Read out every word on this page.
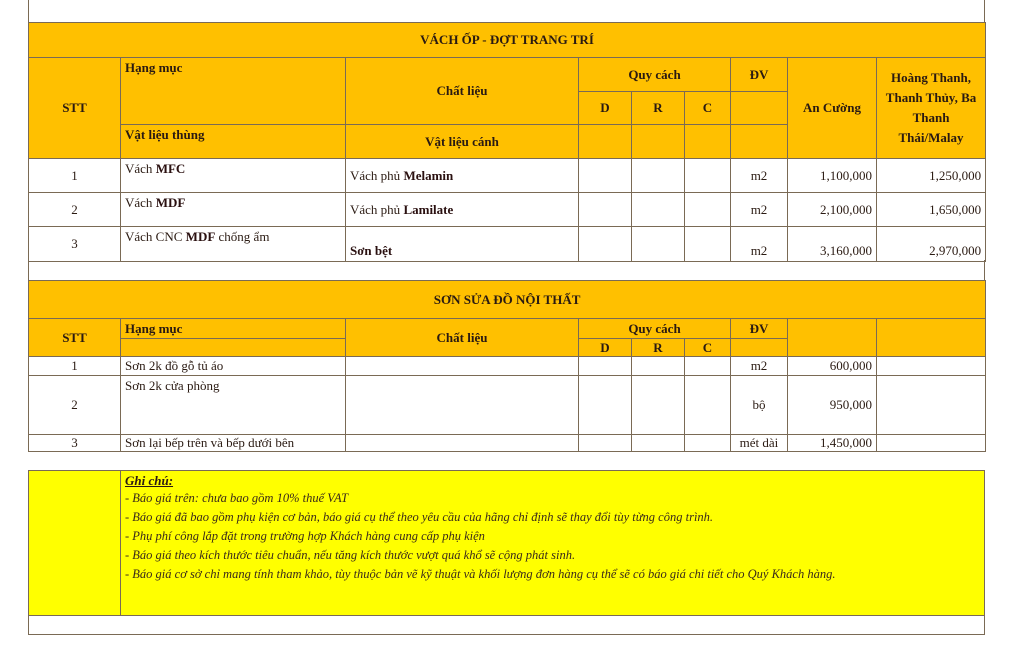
VÁCH ỐP - ĐỢT TRANG TRÍ								
STT	Hạng mục	Chất liệu	Quy cách			ĐV	An Cường	Hoàng Thanh, Thanh Thủy, Ba Thanh Thái/Malay
			D	R	C			
	Vật liệu thùng	Vật liệu cánh						
1	Vách MFC	Vách phủ Melamin				m2	1,100,000	1,250,000
2	Vách MDF	Vách phủ Lamilate				m2	2,100,000	1,650,000
3	Vách CNC MDF chống ẩm	Sơn bệt				m2	3,160,000	2,970,000
SƠN SỬA ĐỒ NỘI THẤT								
STT	Hạng mục	Chất liệu	Quy cách			ĐV		
			D	R	C			
1	Sơn 2k đồ gỗ tủ áo					m2	600,000	
2	Sơn 2k cửa phòng					bộ	950,000	
3	Sơn lại bếp trên và bếp dưới bên					mét dài	1,450,000	
Ghi chú:
- Báo giá trên: chưa bao gồm 10% thuế VAT
- Báo giá đã bao gồm phụ kiện cơ bản, báo giá cụ thể theo yêu cầu của hãng chỉ định sẽ thay đổi tùy từng công trình.
- Phụ phí công lắp đặt trong trường hợp Khách hàng cung cấp phụ kiện
- Báo giá theo kích thước tiêu chuẩn, nếu tăng kích thước vượt quá khổ sẽ cộng phát sinh.
- Báo giá cơ sở chỉ mang tính tham khảo, tùy thuộc bản vẽ kỹ thuật và khối lượng đơn hàng cụ thể sẽ có báo giá chi tiết cho Quý Khách hàng.
